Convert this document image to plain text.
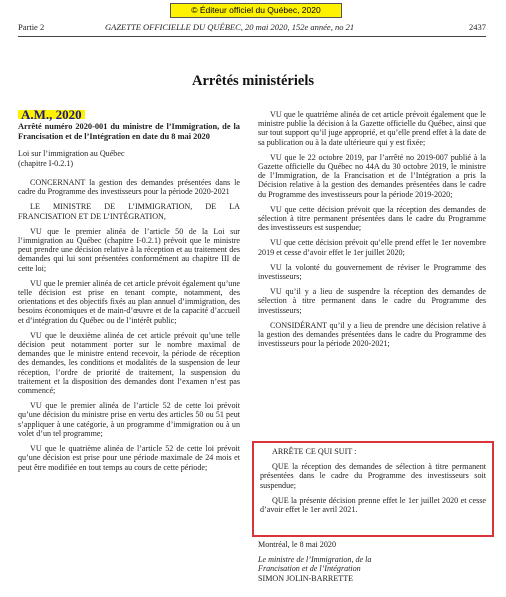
© Éditeur officiel du Québec, 2020
Partie 2	GAZETTE OFFICIELLE DU QUÉBEC, 20 mai 2020, 152e année, no 21	2437
Arrêtés ministériels
A.M., 2020
Arrêté numéro 2020-001 du ministre de l’Immigration, de la Francisation et de l’Intégration en date du 8 mai 2020
Loi sur l’immigration au Québec
(chapitre I-0.2.1)

CONCERNANT la gestion des demandes présentées dans le cadre du Programme des investisseurs pour la période 2020-2021

LE MINISTRE DE L’IMMIGRATION, DE LA FRANCISATION ET DE L’INTÉGRATION,

VU que le premier alinéa de l’article 50 de la Loi sur l’immigration au Québec (chapitre I-0.2.1) prévoit que le ministre peut prendre une décision relative à la réception et au traitement des demandes qui lui sont présentées conformément au chapitre III de cette loi;

VU que le premier alinéa de cet article prévoit également qu’une telle décision est prise en tenant compte, notamment, des orientations et des objectifs fixés au plan annuel d’immigration, des besoins économiques et de main-d’œuvre et de la capacité d’accueil et d’intégration du Québec ou de l’intérêt public;

VU que le deuxième alinéa de cet article prévoit qu’une telle décision peut notamment porter sur le nombre maximal de demandes que le ministre entend recevoir, la période de réception des demandes, les conditions et modalités de la suspension de leur réception, l’ordre de priorité de traitement, la suspension du traitement et la disposition des demandes dont l’examen n’est pas commencé;

VU que le premier alinéa de l’article 52 de cette loi prévoit qu’une décision du ministre prise en vertu des articles 50 ou 51 peut s’appliquer à une catégorie, à un programme d’immigration ou à un volet d’un tel programme;

VU que le quatrième alinéa de l’article 52 de cette loi prévoit qu’une décision est prise pour une période maximale de 24 mois et peut être modifiée en tout temps au cours de cette période;

VU que le quatrième alinéa de cet article prévoit également que le ministre publie la décision à la Gazette officielle du Québec, ainsi que sur tout support qu’il juge approprié, et qu’elle prend effet à la date de sa publication ou à la date ultérieure qui y est fixée;

VU que le 22 octobre 2019, par l’arrêté no 2019-007 publié à la Gazette officielle du Québec no 44A du 30 octobre 2019, le ministre de l’Immigration, de la Francisation et de l’Intégration a pris la Décision relative à la gestion des demandes présentées dans le cadre du Programme des investisseurs pour la période 2019-2020;

VU que cette décision prévoit que la réception des demandes de sélection à titre permanent présentées dans le cadre du Programme des investisseurs est suspendue;

VU que cette décision prévoit qu’elle prend effet le 1er novembre 2019 et cesse d’avoir effet le 1er juillet 2020;

VU la volonté du gouvernement de réviser le Programme des investisseurs;

VU qu’il y a lieu de suspendre la réception des demandes de sélection à titre permanent dans le cadre du Programme des investisseurs;

CONSIDÉRANT qu’il y a lieu de prendre une décision relative à la gestion des demandes présentées dans le cadre du Programme des investisseurs pour la période 2020-2021;

ARRÊTE CE QUI SUIT :

QUE la réception des demandes de sélection à titre permanent présentées dans le cadre du Programme des investisseurs soit suspendue;

QUE la présente décision prenne effet le 1er juillet 2020 et cesse d’avoir effet le 1er avril 2021.

Montréal, le 8 mai 2020
Le ministre de l’Immigration, de la
Francisation et de l’Intégration
SIMON JOLIN-BARRETTE
